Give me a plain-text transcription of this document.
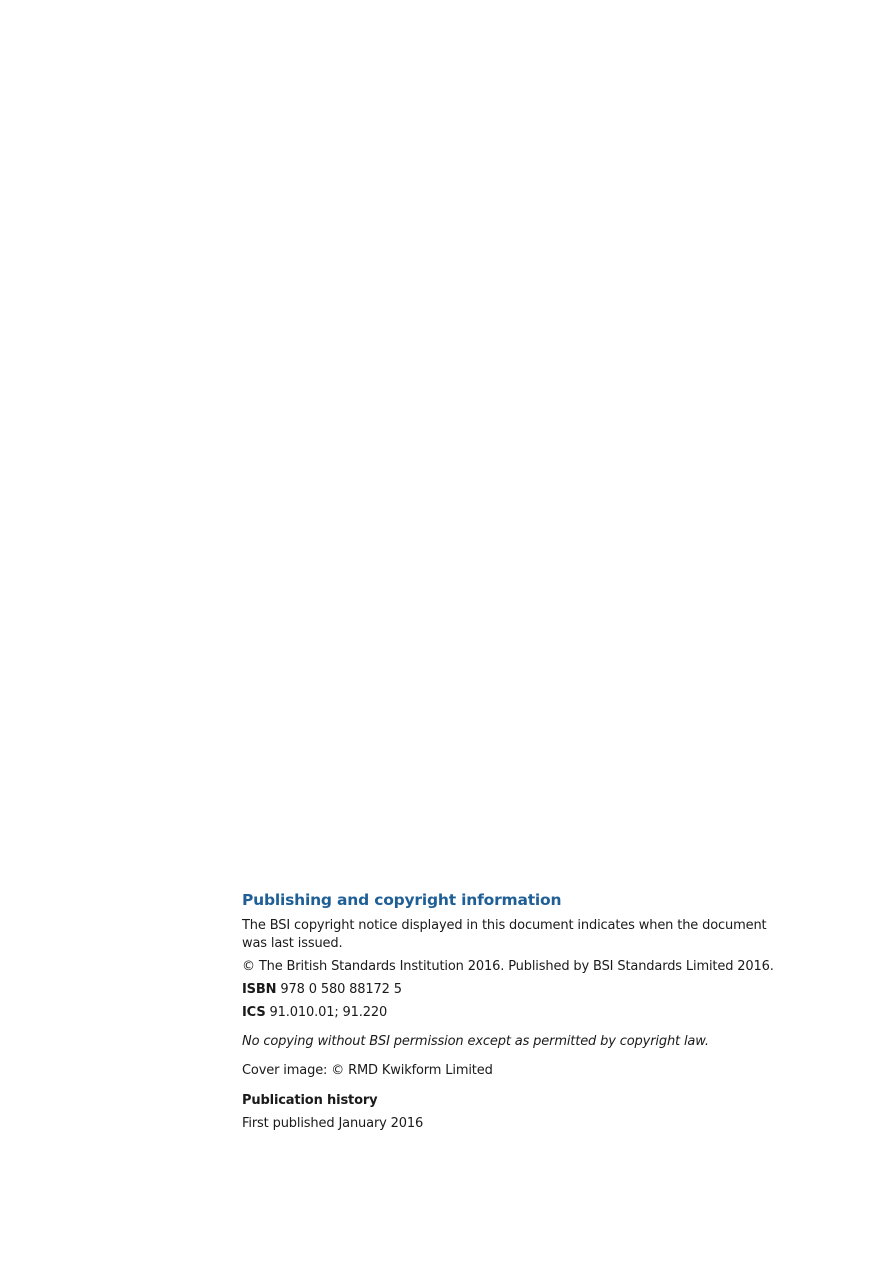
Publishing and copyright information
The BSI copyright notice displayed in this document indicates when the document was last issued.
© The British Standards Institution 2016. Published by BSI Standards Limited 2016.
ISBN 978 0 580 88172 5
ICS 91.010.01; 91.220
No copying without BSI permission except as permitted by copyright law.
Cover image: © RMD Kwikform Limited
Publication history
First published January 2016
